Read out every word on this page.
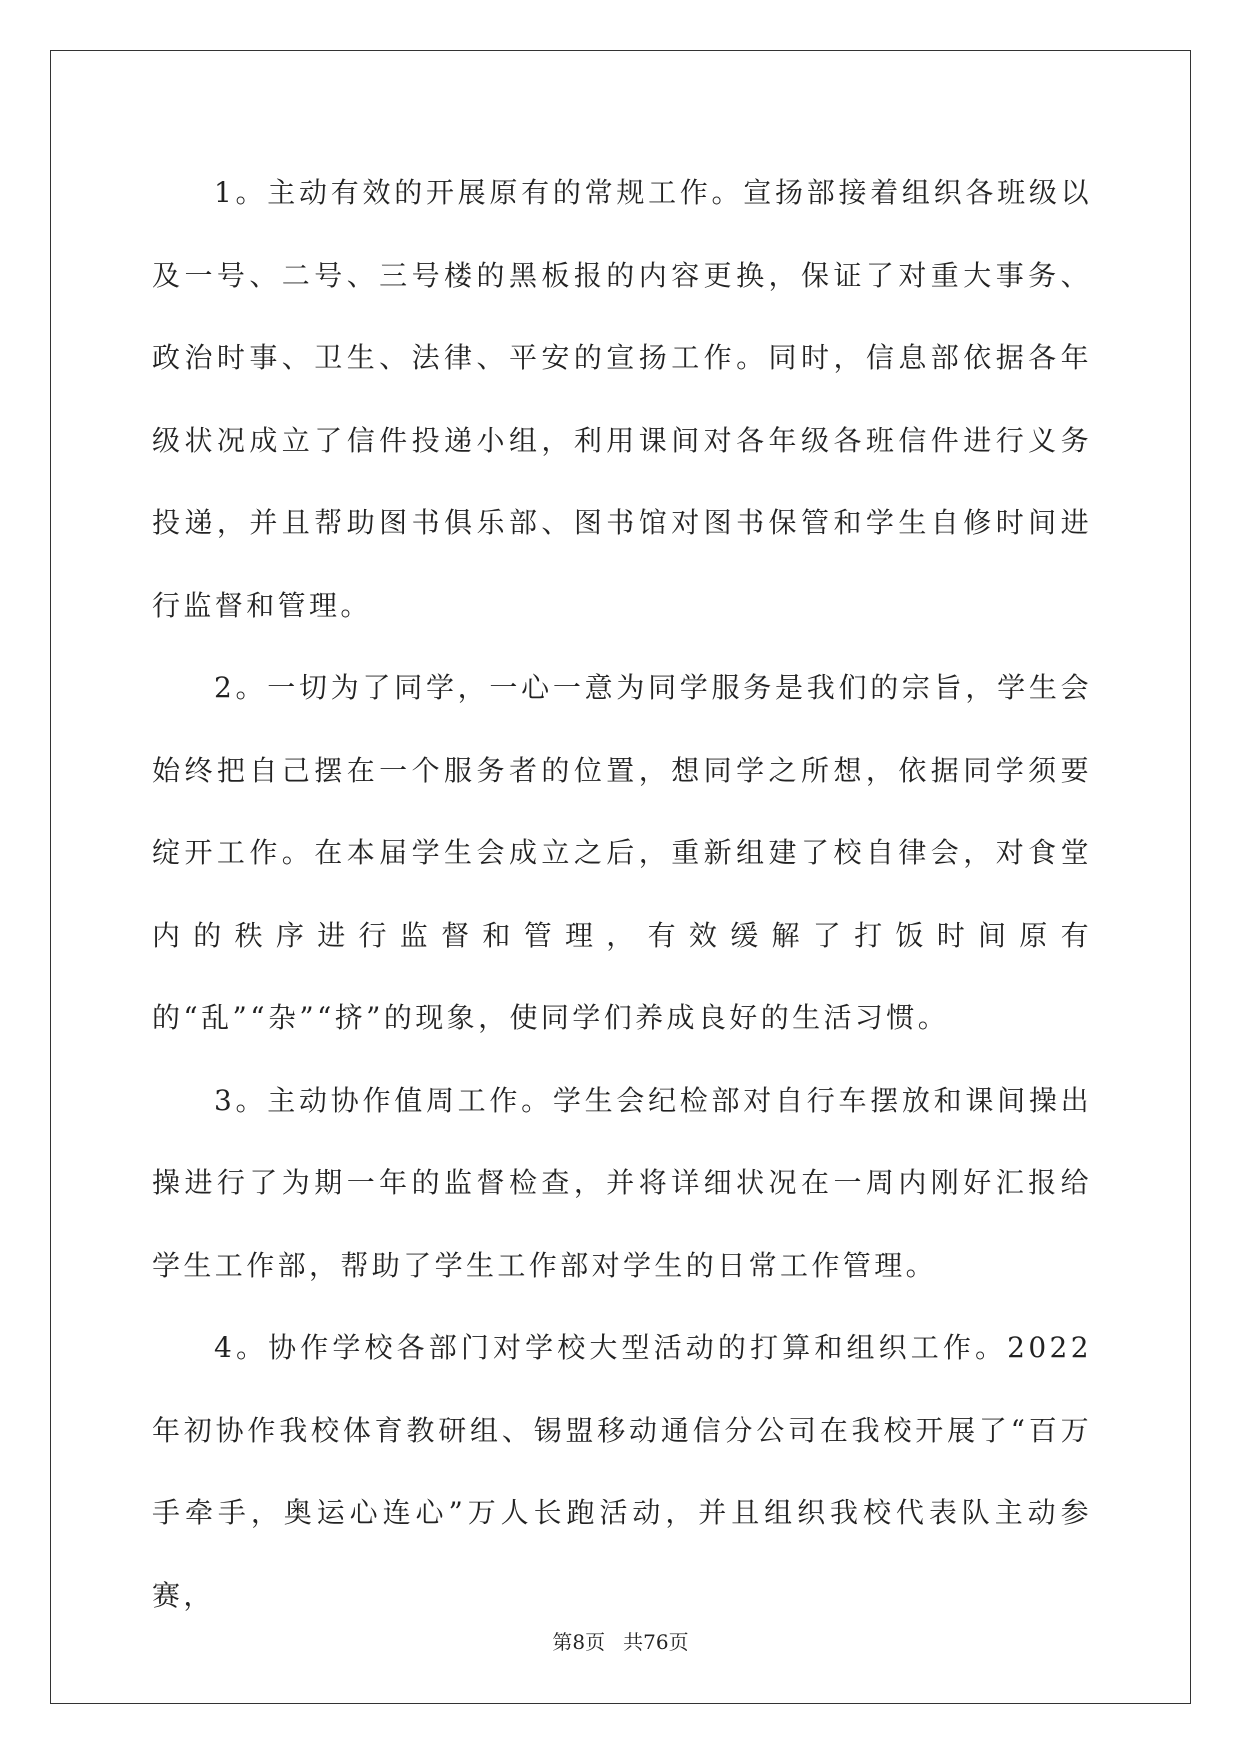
1。主动有效的开展原有的常规工作。宣扬部接着组织各班级以及一号、二号、三号楼的黑板报的内容更换，保证了对重大事务、政治时事、卫生、法律、平安的宣扬工作。同时，信息部依据各年级状况成立了信件投递小组，利用课间对各年级各班信件进行义务投递，并且帮助图书俱乐部、图书馆对图书保管和学生自修时间进行监督和管理。

2。一切为了同学，一心一意为同学服务是我们的宗旨，学生会始终把自己摆在一个服务者的位置，想同学之所想，依据同学须要绽开工作。在本届学生会成立之后，重新组建了校自律会，对食堂内的秩序进行监督和管理，有效缓解了打饭时间原有的“乱”“杂”“挤”的现象，使同学们养成良好的生活习惯。

3。主动协作值周工作。学生会纪检部对自行车摆放和课间操出操进行了为期一年的监督检查，并将详细状况在一周内刚好汇报给学生工作部，帮助了学生工作部对学生的日常工作管理。

4。协作学校各部门对学校大型活动的打算和组织工作。2022年初协作我校体育教研组、锡盟移动通信分公司在我校开展了“百万手牵手，奥运心连心”万人长跑活动，并且组织我校代表队主动参赛，

第8页 共76页
